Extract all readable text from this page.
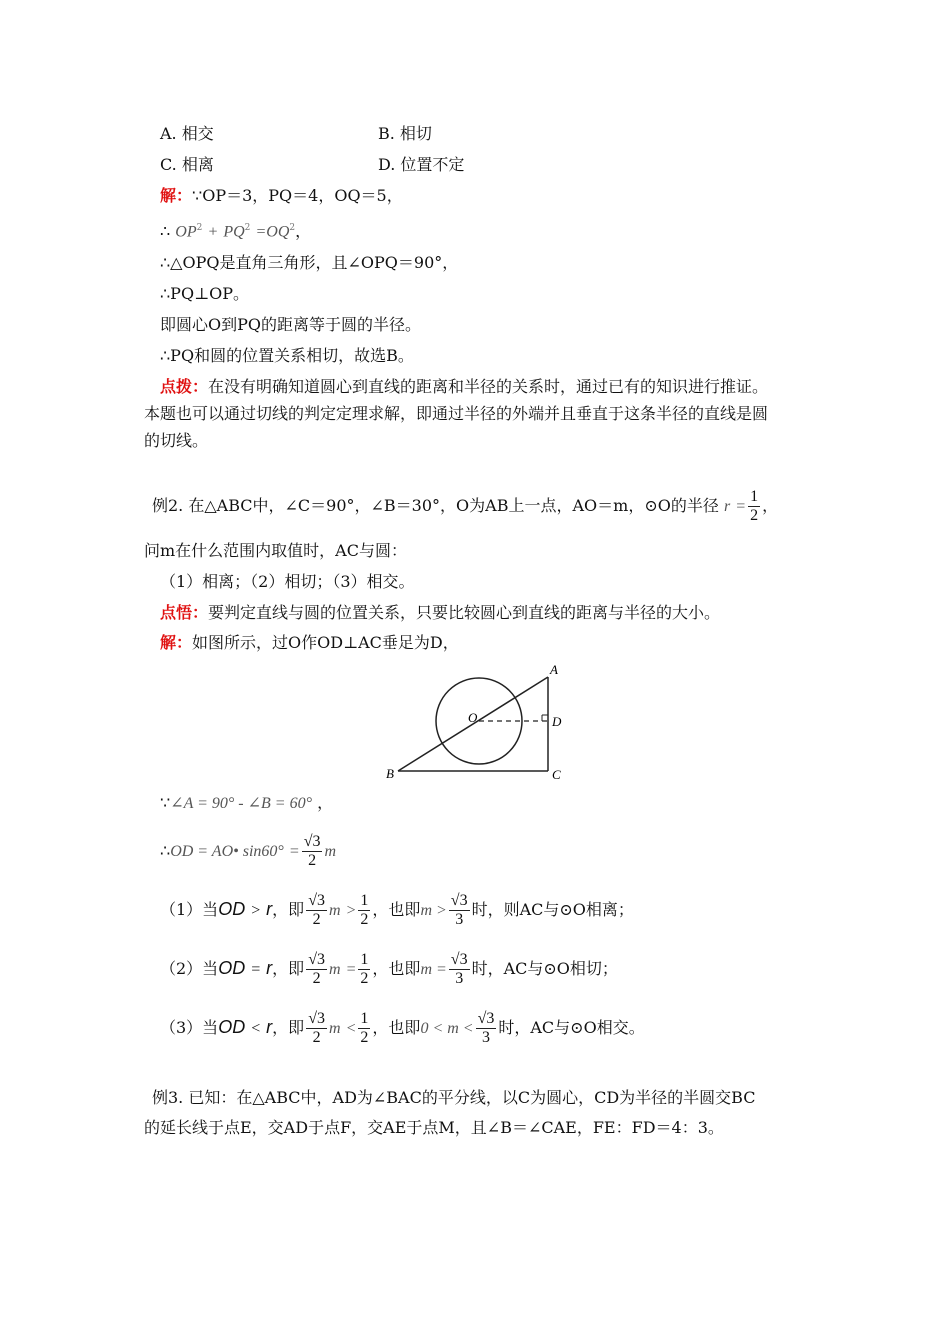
A. 相交	B. 相切
C. 相离	D. 位置不定
解：∵OP＝3，PQ＝4，OQ＝5，
∴ $OP^2 + PQ^2 =OQ^2$，
∴△OPQ是直角三角形，且∠OPQ＝90°，
∴PQ⊥OP。
即圆心O到PQ的距离等于圆的半径。
∴PQ和圆的位置关系相切，故选B。
点拨：在没有明确知道圆心到直线的距离和半径的关系时，通过已有的知识进行推证。
本题也可以通过切线的判定定理求解，即通过半径的外端并且垂直于这条半径的直线是圆
的切线。
例2. 在△ABC中，∠C＝90°，∠B＝30°，O为AB上一点，AO＝m，⊙O的半径 $r = \frac{1}{2}$ ，
问m在什么范围内取值时，AC与圆：
（1）相离；（2）相切；（3）相交。
点悟：要判定直线与圆的位置关系，只要比较圆心到直线的距离与半径的大小。
解：如图所示，过O作OD⊥AC垂足为D，
A
B	C
D
O
∵∠A = 90° - ∠B = 60° ，
∴OD = AO• $\sin 60^\circ = \frac{√3}{2}$ m
（1）当OD > r，即 $\frac{√3}{2}$ $m > \frac{1}{2}$ ，也即$m > \frac{√3}{3}$ 时，则AC与⊙O相离；
（2）当OD = r，即 $\frac{√3}{2}$ $m = \frac{1}{2}$ ，也即$m = \frac{√3}{3}$ 时，AC与⊙O相切；
（3）当OD < r，即 $\frac{√3}{2}$ $m < \frac{1}{2}$ ，也即$0 < m < \frac{√3}{3}$ 时，AC与⊙O相交。
例3. 已知：在△ABC中，AD为∠BAC的平分线，以C为圆心，CD为半径的半圆交BC
的延长线于点E，交AD于点F，交AE于点M，且∠B＝∠CAE，FE：FD＝4：3。
